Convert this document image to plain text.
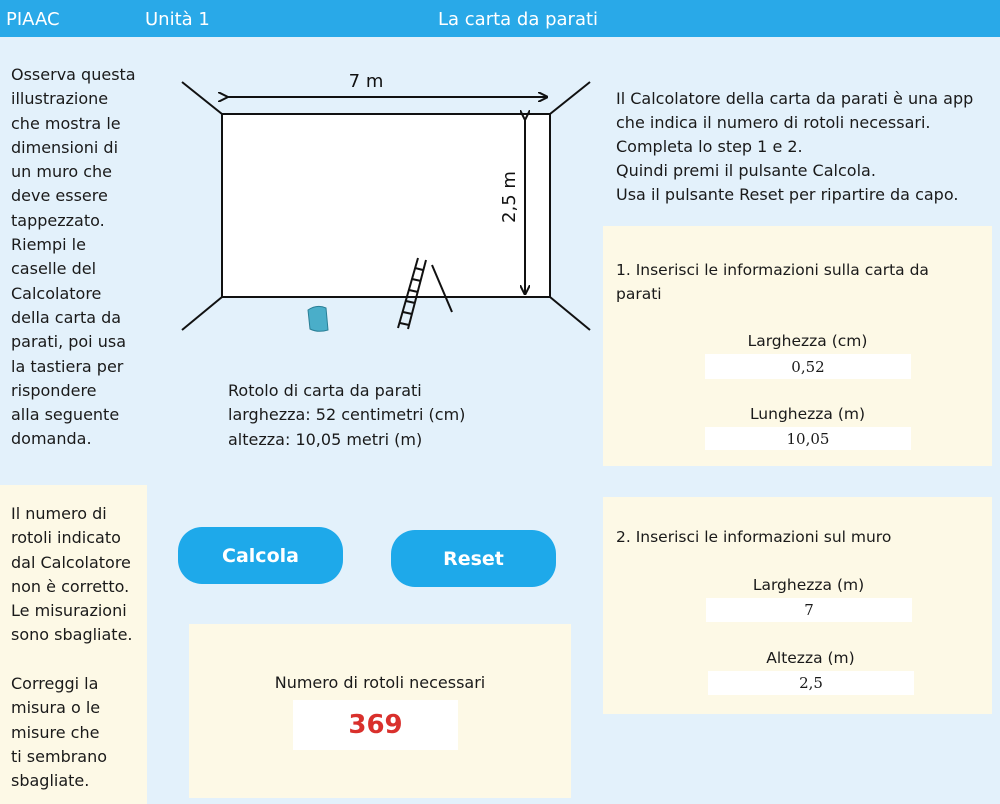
PIAAC	Unità 1	La carta da parati
Osserva questa
illustrazione
che mostra le
dimensioni di
un muro che
deve essere
tappezzato.
Riempi le
caselle del
Calcolatore
della carta da
parati, poi usa
la tastiera per
rispondere
alla seguente
domanda.
Il numero di
rotoli indicato
dal Calcolatore
non è corretto.
Le misurazioni
sono sbagliate.
Correggi la
misura o le
misure che
ti sembrano
sbagliate.
7 m
2,5 m
Rotolo di carta da parati
larghezza: 52 centimetri (cm)
altezza: 10,05 metri (m)
Il Calcolatore della carta da parati è una app
che indica il numero di rotoli necessari.
Completa lo step 1 e 2.
Quindi premi il pulsante Calcola.
Usa il pulsante Reset per ripartire da capo.
1. Inserisci le informazioni sulla carta da
parati
Larghezza (cm)
0,52
Lunghezza (m)
10,05
2. Inserisci le informazioni sul muro
Larghezza (m)
7
Altezza (m)
2,5
Calcola	Reset
Numero di rotoli necessari
369
